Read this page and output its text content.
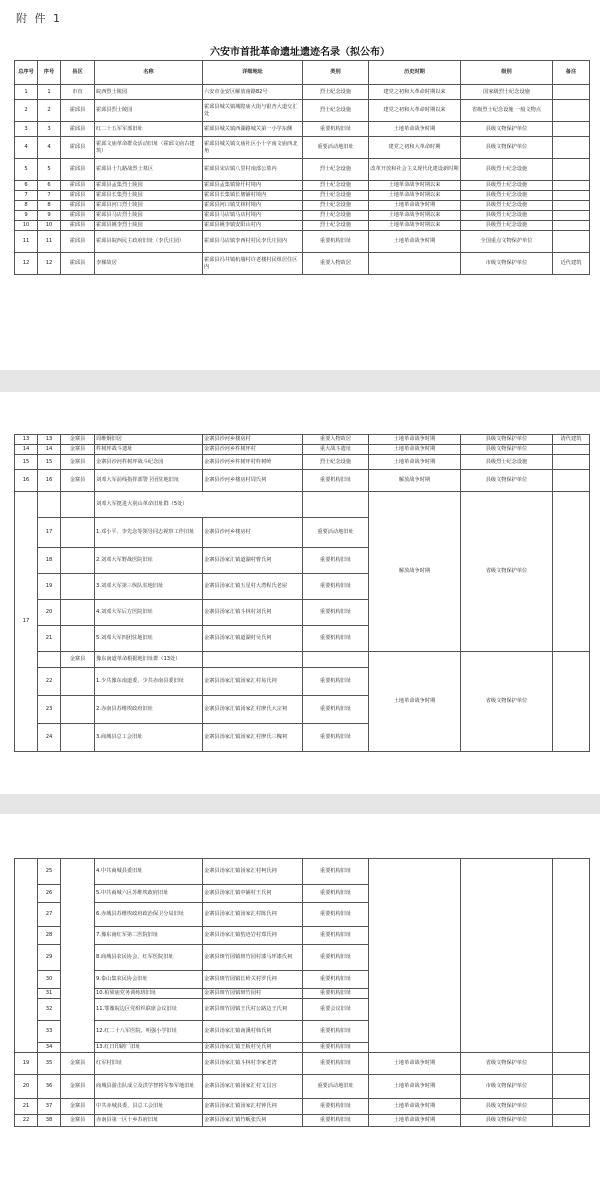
附 件 1
六安市首批革命遗址遗迹名录（拟公布）
总序号	序号	县区	名称	详细地址	类别	历史时期	级别	备注
1	1	市直	皖西烈士陵园	六安市金安区解放南路82号	烈士纪念设施	建党之初和大革命时期以来	国家级烈士纪念设施	
2	2	霍邱县	霍邱县烈士陵园	霍邱县城关镇城隍庙大街与银杏大道交汇处	烈士纪念设施	建党之初和大革命时期以来	省级烈士纪念设施 一般文物点	
3	3	霍邱县	红二十五军军部旧址	霍邱县城关镇西湖路城关第一小学东侧	重要机构旧址	土地革命战争时期	县级文物保护单位	
4	4	霍邱县	霍邱文庙革命群众活动旧址（霍邱文庙古建筑）	霍邱县城关镇文庙社区小十字南文庙西北角	重要活动地旧址	建党之初和大革命时期	县级文物保护单位	
5	5	霍邱县	霍邱县十九路战烈士墓区	霍邱县宋店镇八里村南部公墓内	烈士纪念设施	改革开放和社会主义现代化建设新时期	县级烈士纪念设施	
6	6	霍邱县	霍邱县孟集烈士陵园	霍邱县孟集镇徐圩村境内	烈士纪念设施	土地革命战争时期以来	县级烈士纪念设施	
7	7	霍邱县	霍邱县长集烈士陵园	霍邱县长集镇长塘铺村境内	烈士纪念设施	土地革命战争时期以来	县级烈士纪念设施	
8	8	霍邱县	霍邱县河口烈士陵园	霍邱县河口镇艾林村境内	烈士纪念设施	土地革命战争时期	县级烈士纪念设施	
9	9	霍邱县	霍邱县马店烈士陵园	霍邱县马店镇马店村境内	烈士纪念设施	土地革命战争时期以来	县级烈士纪念设施	
10	10	霍邱县	霍邱县姚李烈士陵园	霍邱县姚李镇安阳山村内	烈士纪念设施	土地革命战争时期以来	县级烈士纪念设施	
11	11	霍邱县	霍邱县皖西民主政府旧址（李氏庄园）	霍邱县马店镇李西村村民李氏庄园内	重要机构旧址	土地革命战争时期	全国重点文物保护单位	
12	12	霍邱县	李梯故居	霍邱县冯井镇杭墙村许老楼村民组居住区内	重要人物故居		市级文物保护单位	近代建筑
13	13	金寨县	周维炯旧居	金寨县沙河乡楼房村	重要人物故居	土地革命战争时期	县级文物保护单位	清代建筑
14	14	金寨县	杵树坪战斗遗址	金寨县沙河乡杵树坪村	重大战斗遗址	土地革命战争时期	县级文物保护单位	
15	15	金寨县	金寨县沙河杵树坪战斗纪念园	金寨县沙河乡杵树坪村杵树岭	烈士纪念设施	土地革命战争时期	县级烈士纪念设施	
16	16	金寨县	刘邓大军前线指挥部警卫团驻地旧址	金寨县沙河乡楼房村周氏祠	重要机构旧址	解放战争时期	县级文物保护单位	
17			刘邓大军挺进大别山革命旧址群（5处）			解放战争时期	省级文物保护单位	
	17		1.邓小平、李先念等领导同志视察工作旧址	金寨县沙河乡楼房村	重要活动地旧址			
	18		2.刘邓大军野战医院旧址	金寨县汤家汇镇道湖村曹氏祠	重要机构旧址			
	19		3.刘邓大军第三纵队驻地旧址	金寨县汤家汇镇五星村大湾程氏老屋	重要机构旧址			
	20		4.刘邓大军后方医院旧址	金寨县汤家汇镇斗林村刘氏祠	重要机构旧址			
	21		5.刘邓大军四团驻地旧址	金寨县汤家汇镇道湖村吴氏祠	重要机构旧址			
		金寨县	豫东南道革命根据地旧址群（13处）			土地革命战争时期	省级文物保护单位	
	22		1.少共豫东南道委、少共赤南县委旧址	金寨县汤家汇镇汤家汇村易氏祠	重要机构旧址			
	23		2.赤南县苏维埃政府旧址	金寨县汤家汇镇汤家汇村廖氏大宗祠	重要机构旧址			
	24		3.商城县总工会旧址	金寨县汤家汇镇汤家汇村廖氏三槐祠	重要机构旧址			
	25		4.中共商城县委旧址	金寨县汤家汇镇汤家汇村柯氏祠	重要机构旧址			
	26		5.中共商城六区苏维埃政府旧址	金寨县汤家汇镇中铺村王氏祠	重要机构旧址			
	27		6.赤城县苏维埃政府政治保卫分局旧址	金寨县汤家汇镇汤家汇村陈氏祠	重要机构旧址			
	28		7.豫东南红军第二医院旧址	金寨县汤家汇镇豹迹岩村郑氏祠	重要机构旧址			
	29		8.商城县农民协会、红军医院旧址	金寨县斑竹园镇斑竹园村漆马坪漆氏祠	重要机构旧址			
	30		9.泰山集农民协会旧址	金寨县斑竹园镇长岭关村罗氏祠	重要机构旧址			
	31		10.柏梁庙党务训练班旧址	金寨县斑竹园镇斑竹园村	重要机构旧址			
	32		11.鄂豫皖边区党组织联席会议旧址	金寨县斑竹园镇王氏村公路边王氏祠	重要会议旧址			
	33		12.红二十八军医院、明强小学旧址	金寨县汤家汇镇南溪村韩氏祠	重要机构旧址			
	34		13.红日印刷厂旧址	金寨县汤家汇镇王板村吴氏祠	重要机构旧址			
19	35	金寨县	红军村旧址	金寨县汤家汇镇斗林村李家老湾	重要机构旧址	土地革命战争时期	省级文物保护单位	
20	36	金寨县	商城县游击队成立及洪学智将军参军地旧址	金寨县汤家汇镇汤家汇村文昌宫	重要活动地旧址	土地革命战争时期	市级文物保护单位	
21	37	金寨县	中共赤城县委、县总工会旧址	金寨县汤家汇镇汤家汇村钟氏祠	重要机构旧址	土地革命战争时期	县级文物保护单位	
22	38	金寨县	赤南县第一区十乡苏府旧址	金寨县汤家汇镇竹畈张氏祠	重要机构旧址	土地革命战争时期	县级文物保护单位	
